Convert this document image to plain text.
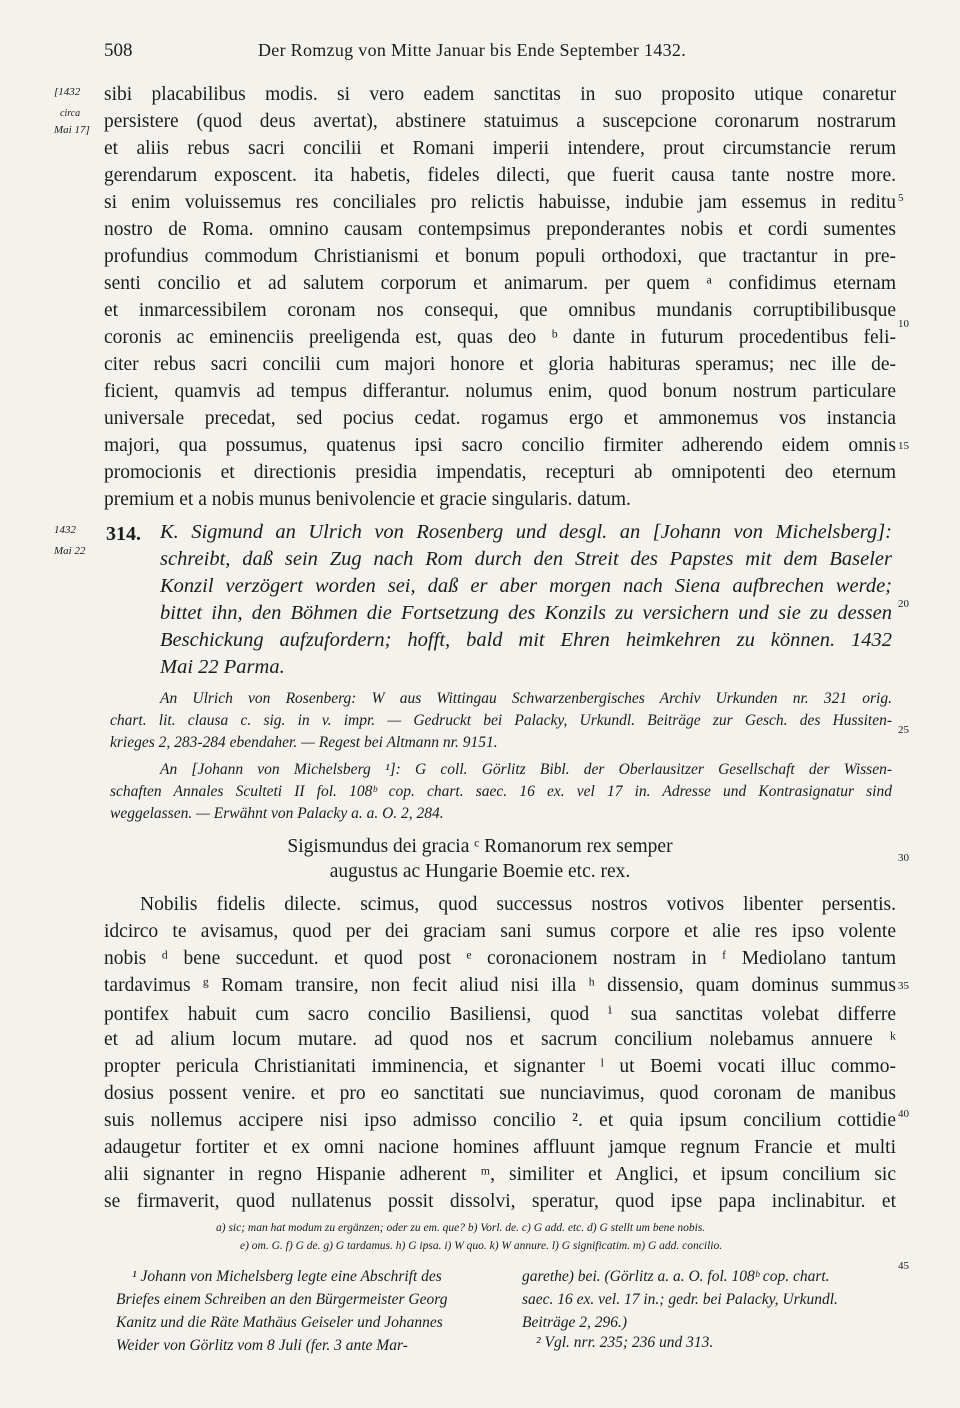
508	Der Romzug von Mitte Januar bis Ende September 1432.
[1432
circa
Mai 17]
1432
Mai 22
5
10
15
20
25
30
35
40
45
sibi placabilibus modis. si vero eadem sanctitas in suo proposito utique conaretur
persistere (quod deus avertat), abstinere statuimus a suscepcione coronarum nostrarum
et aliis rebus sacri concilii et Romani imperii intendere, prout circumstancie rerum
gerendarum exposcent. ita habetis, fideles dilecti, que fuerit causa tante nostre more.
si enim voluissemus res conciliales pro relictis habuisse, indubie jam essemus in reditu
nostro de Roma. omnino causam contempsimus preponderantes nobis et cordi sumentes
profundius commodum Christianismi et bonum populi orthodoxi, que tractantur in pre-
senti concilio et ad salutem corporum et animarum. per quem ᵃ confidimus eternam
et inmarcessibilem coronam nos consequi, que omnibus mundanis corruptibilibusque
coronis ac eminenciis preeligenda est, quas deo ᵇ dante in futurum procedentibus feli-
citer rebus sacri concilii cum majori honore et gloria habituras speramus; nec ille de-
ficient, quamvis ad tempus differantur. nolumus enim, quod bonum nostrum particulare
universale precedat, sed pocius cedat. rogamus ergo et ammonemus vos instancia
majori, qua possumus, quatenus ipsi sacro concilio firmiter adherendo eidem omnis
promocionis et directionis presidia impendatis, recepturi ab omnipotenti deo eternum
premium et a nobis munus benivolencie et gracie singularis. datum.
314. K. Sigmund an Ulrich von Rosenberg und desgl. an [Johann von Michelsberg]:
schreibt, daß sein Zug nach Rom durch den Streit des Papstes mit dem Baseler
Konzil verzögert worden sei, daß er aber morgen nach Siena aufbrechen werde;
bittet ihn, den Böhmen die Fortsetzung des Konzils zu versichern und sie zu dessen
Beschickung aufzufordern; hofft, bald mit Ehren heimkehren zu können. 1432
Mai 22 Parma.
An Ulrich von Rosenberg: W aus Wittingau Schwarzenbergisches Archiv Urkunden nr. 321 orig.
chart. lit. clausa c. sig. in v. impr. — Gedruckt bei Palacky, Urkundl. Beiträge zur Gesch. des Hussiten-
krieges 2, 283-284 ebendaher. — Regest bei Altmann nr. 9151.
An [Johann von Michelsberg ¹]: G coll. Görlitz Bibl. der Oberlausitzer Gesellschaft der Wissen-
schaften Annales Sculteti II fol. 108ᵇ cop. chart. saec. 16 ex. vel 17 in. Adresse und Kontrasignatur sind
weggelassen. — Erwähnt von Palacky a. a. O. 2, 284.
Sigismundus dei gracia ᶜ Romanorum rex semper
augustus ac Hungarie Boemie etc. rex.
Nobilis fidelis dilecte. scimus, quod successus nostros votivos libenter persentis.
idcirco te avisamus, quod per dei graciam sani sumus corpore et alie res ipso volente
nobis ᵈ bene succedunt. et quod post ᵉ coronacionem nostram in ᶠ Mediolano tantum
tardavimus ᵍ Romam transire, non fecit aliud nisi illa ʰ dissensio, quam dominus summus
pontifex habuit cum sacro concilio Basiliensi, quod ⁱ sua sanctitas volebat differre
et ad alium locum mutare. ad quod nos et sacrum concilium nolebamus annuere ᵏ
propter pericula Christianitati imminencia, et signanter ˡ ut Boemi vocati illuc commo-
dosius possent venire. et pro eo sanctitati sue nunciavimus, quod coronam de manibus
suis nollemus accipere nisi ipso admisso concilio ². et quia ipsum concilium cottidie
adaugetur fortiter et ex omni nacione homines affluunt jamque regnum Francie et multi
alii signanter in regno Hispanie adherent ᵐ, similiter et Anglici, et ipsum concilium sic
se firmaverit, quod nullatenus possit dissolvi, speratur, quod ipse papa inclinabitur. et
a) sic; man hat modum zu ergänzen; oder zu em. que? b) Vorl. de. c) G add. etc. d) G stellt um bene nobis.
e) om. G. f) G de. g) G tardamus. h) G ipsa. i) W quo. k) W annure. l) G significatim. m) G add. concilio.
¹ Johann von Michelsberg legte eine Abschrift des
Briefes einem Schreiben an den Bürgermeister Georg
Kanitz und die Räte Mathäus Geiseler und Johannes
Weider von Görlitz vom 8 Juli (fer. 3 ante Mar-
garethe) bei. (Görlitz a. a. O. fol. 108ᵇ cop. chart.
saec. 16 ex. vel. 17 in.; gedr. bei Palacky, Urkundl.
Beiträge 2, 296.)
² Vgl. nrr. 235; 236 und 313.
